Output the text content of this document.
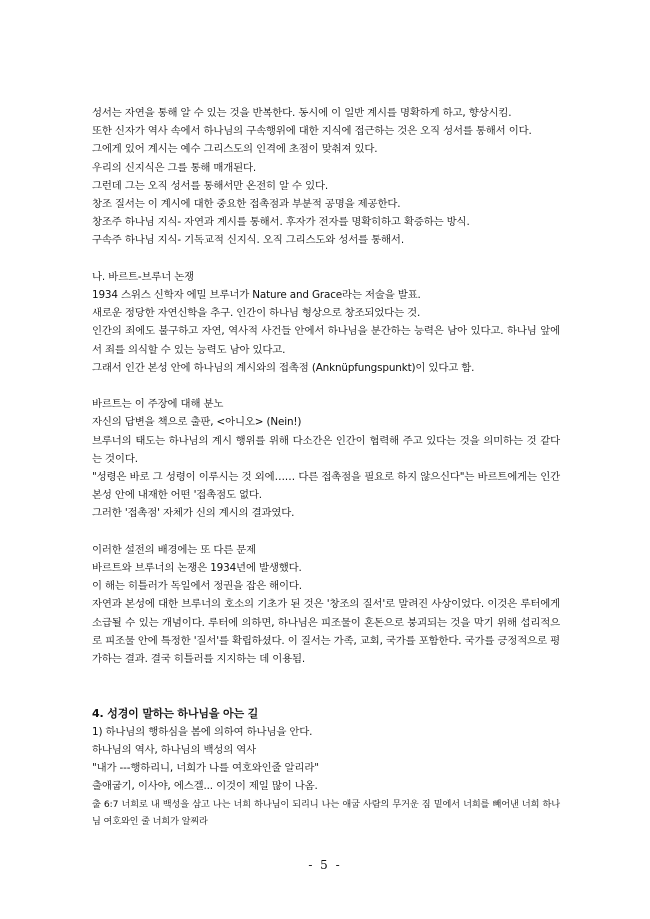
성서는 자연을 통해 알 수 있는 것을 반복한다. 동시에 이 일반 계시를 명확하게 하고, 향상시킴.
또한 신자가 역사 속에서 하나님의 구속행위에 대한 지식에 접근하는 것은 오직 성서를 통해서 이다.
그에게 있어 계시는 예수 그리스도의 인격에 초점이 맞춰져 있다.
우리의 신지식은 그를 통해 매개된다.
그런데 그는 오직 성서를 통해서만 온전히 알 수 있다.
창조 질서는 이 계시에 대한 중요한 접촉점과 부분적 공명을 제공한다.
창조주 하나님 지식- 자연과 계시를 통해서. 후자가 전자를 명확히하고 확증하는 방식.
구속주 하나님 지식- 기독교적 신지식. 오직 그리스도와 성서를 통해서.
나. 바르트-브루너 논쟁
1934 스위스 신학자 에밀 브루너가 Nature and Grace라는 저술을 발표.
새로운 정당한 자연신학을 추구. 인간이 하나님 형상으로 창조되었다는 것.
인간의 죄에도 불구하고 자연, 역사적 사건들 안에서 하나님을 분간하는 능력은 남아 있다고. 하나님 앞에서 죄를 의식할 수 있는 능력도 남아 있다고.
그래서 인간 본성 안에 하나님의 계시와의 접촉점 (Anknüpfungspunkt)이 있다고 함.
바르트는 이 주장에 대해 분노
자신의 답변을 책으로 출판, <아니오> (Nein!)
브루너의 태도는 하나님의 계시 행위를 위해 다소간은 인간이 협력해 주고 있다는 것을 의미하는 것 같다는 것이다.
"성령은 바로 그 성령이 이루시는 것 외에…… 다른 접촉점을 필요로 하지 않으신다"는 바르트에게는 인간 본성 안에 내재한 어떤 '접촉점도 없다.
그러한 '접촉점' 자체가 신의 계시의 결과였다.
이러한 설전의 배경에는 또 다른 문제
바르트와 브루너의 논쟁은 1934년에 발생했다.
이 해는 히틀러가 독일에서 정권을 잡은 해이다.
자연과 본성에 대한 브루너의 호소의 기초가 된 것은 '창조의 질서'로 말려진 사상이었다. 이것은 루터에게 소급될 수 있는 개념이다. 루터에 의하면, 하나님은 피조물이 혼돈으로 붕괴되는 것을 막기 위해 섭리적으로 피조물 안에 특정한 '질서'를 확립하셨다. 이 질서는 가족, 교회, 국가를 포함한다. 국가를 긍정적으로 평가하는 결과. 결국 히틀러를 지지하는 데 이용됨.
4. 성경이 말하는 하나님을 아는 길
1) 하나님의 행하심을 봄에 의하여 하나님을 안다.
하나님의 역사, 하나님의 백성의 역사
"내가 ---행하리니, 너희가 나를 여호와인줄 알리라"
출애굽기, 이사야, 에스겔... 이것이 제일 많이 나옴.
출 6:7 너희로 내 백성을 삼고 나는 너희 하나님이 되리니 나는 애굽 사람의 무거운 짐 밑에서 너희를 빼어낸 너희 하나님 여호와인 줄 너희가 알찌라
- 5 -
